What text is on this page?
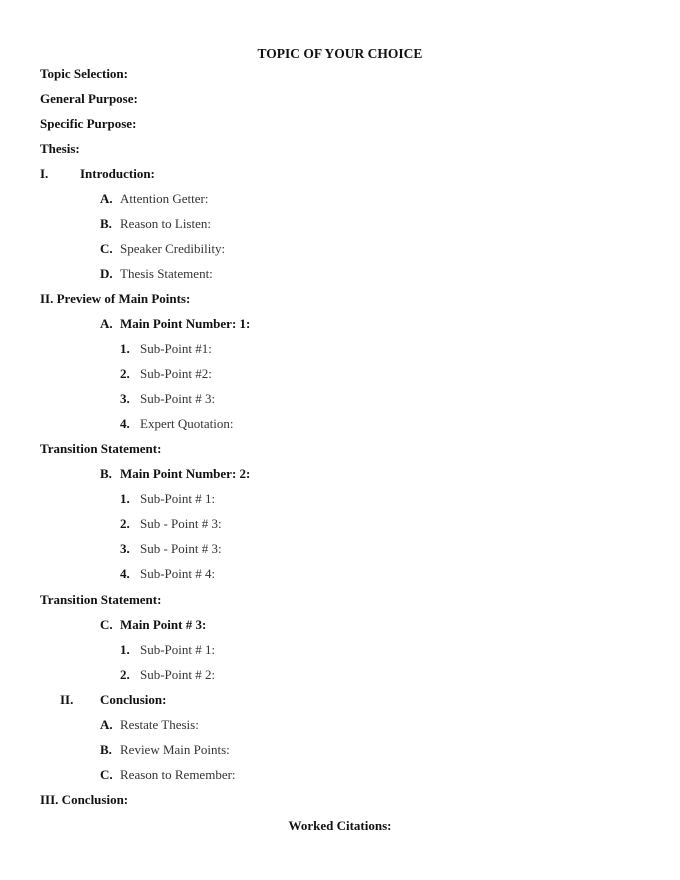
TOPIC OF YOUR CHOICE
Topic Selection:
General Purpose:
Specific Purpose:
Thesis:
I. Introduction:
A. Attention Getter:
B. Reason to Listen:
C. Speaker Credibility:
D. Thesis Statement:
II. Preview of Main Points:
A. Main Point Number: 1:
1. Sub-Point #1:
2. Sub-Point #2:
3. Sub-Point # 3:
4. Expert Quotation:
Transition Statement:
B. Main Point Number: 2:
1. Sub-Point # 1:
2. Sub - Point # 3:
3. Sub - Point # 3:
4. Sub-Point # 4:
Transition Statement:
C. Main Point # 3:
1. Sub-Point # 1:
2. Sub-Point # 2:
II. Conclusion:
A. Restate Thesis:
B. Review Main Points:
C. Reason to Remember:
III. Conclusion:
Worked Citations:
